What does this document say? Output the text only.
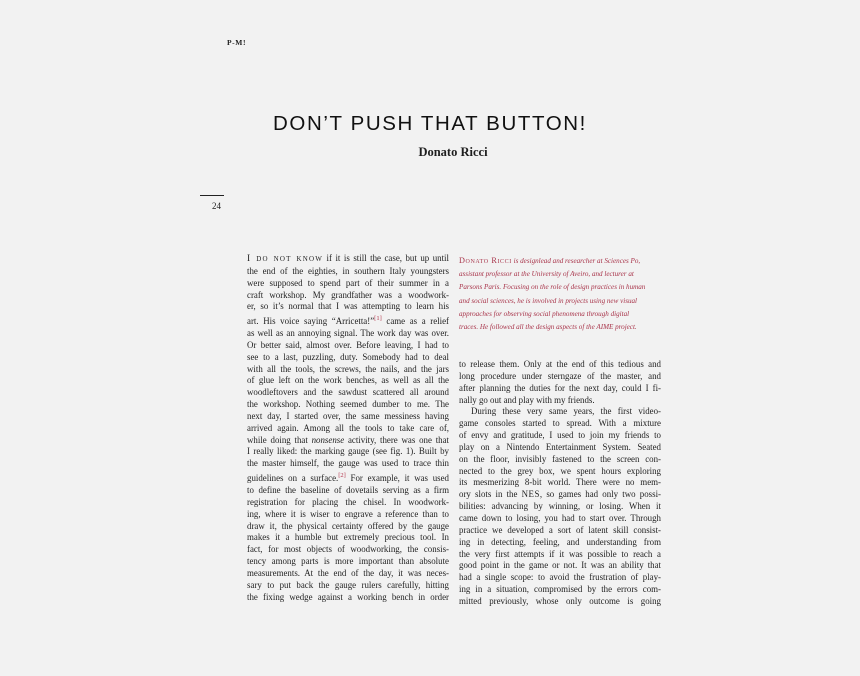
P-M!
DON’T PUSH THAT BUTTON!
Donato Ricci
24
Donato Ricci is designlead and researcher at Sciences Po,
assistant professor at the University of Aveiro, and lecturer at
Parsons Paris. Focusing on the role of design practices in human
and social sciences, he is involved in projects using new visual
approaches for observing social phenomena through digital
traces. He followed all the design aspects of the AIME project.
I do not know if it is still the case, but up until
the end of the eighties, in southern Italy youngsters
were supposed to spend part of their summer in a
craft workshop. My grandfather was a woodwork-
er, so it’s normal that I was attempting to learn his
art. His voice saying “Arricetta!”[1] came as a relief
as well as an annoying signal. The work day was over.
Or better said, almost over. Before leaving, I had to
see to a last, puzzling, duty. Somebody had to deal
with all the tools, the screws, the nails, and the jars
of glue left on the work benches, as well as all the
woodleftovers and the sawdust scattered all around
the workshop. Nothing seemed dumber to me. The
next day, I started over, the same messiness having
arrived again. Among all the tools to take care of,
while doing that nonsense activity, there was one that
I really liked: the marking gauge (see fig. 1). Built by
the master himself, the gauge was used to trace thin
guidelines on a surface.[2] For example, it was used
to define the baseline of dovetails serving as a firm
registration for placing the chisel. In woodwork-
ing, where it is wiser to engrave a reference than to
draw it, the physical certainty offered by the gauge
makes it a humble but extremely precious tool. In
fact, for most objects of woodworking, the consis-
tency among parts is more important than absolute
measurements. At the end of the day, it was neces-
sary to put back the gauge rulers carefully, hitting
the fixing wedge against a working bench in order
to release them. Only at the end of this tedious and
long procedure under sterngaze of the master, and
after planning the duties for the next day, could I fi-
nally go out and play with my friends.
During these very same years, the first video-
game consoles started to spread. With a mixture
of envy and gratitude, I used to join my friends to
play on a Nintendo Entertainment System. Seated
on the floor, invisibly fastened to the screen con-
nected to the grey box, we spent hours exploring
its mesmerizing 8-bit world. There were no mem-
ory slots in the NES, so games had only two possi-
bilities: advancing by winning, or losing. When it
came down to losing, you had to start over. Through
practice we developed a sort of latent skill consist-
ing in detecting, feeling, and understanding from
the very first attempts if it was possible to reach a
good point in the game or not. It was an ability that
had a single scope: to avoid the frustration of play-
ing in a situation, compromised by the errors com-
mitted previously, whose only outcome is going
